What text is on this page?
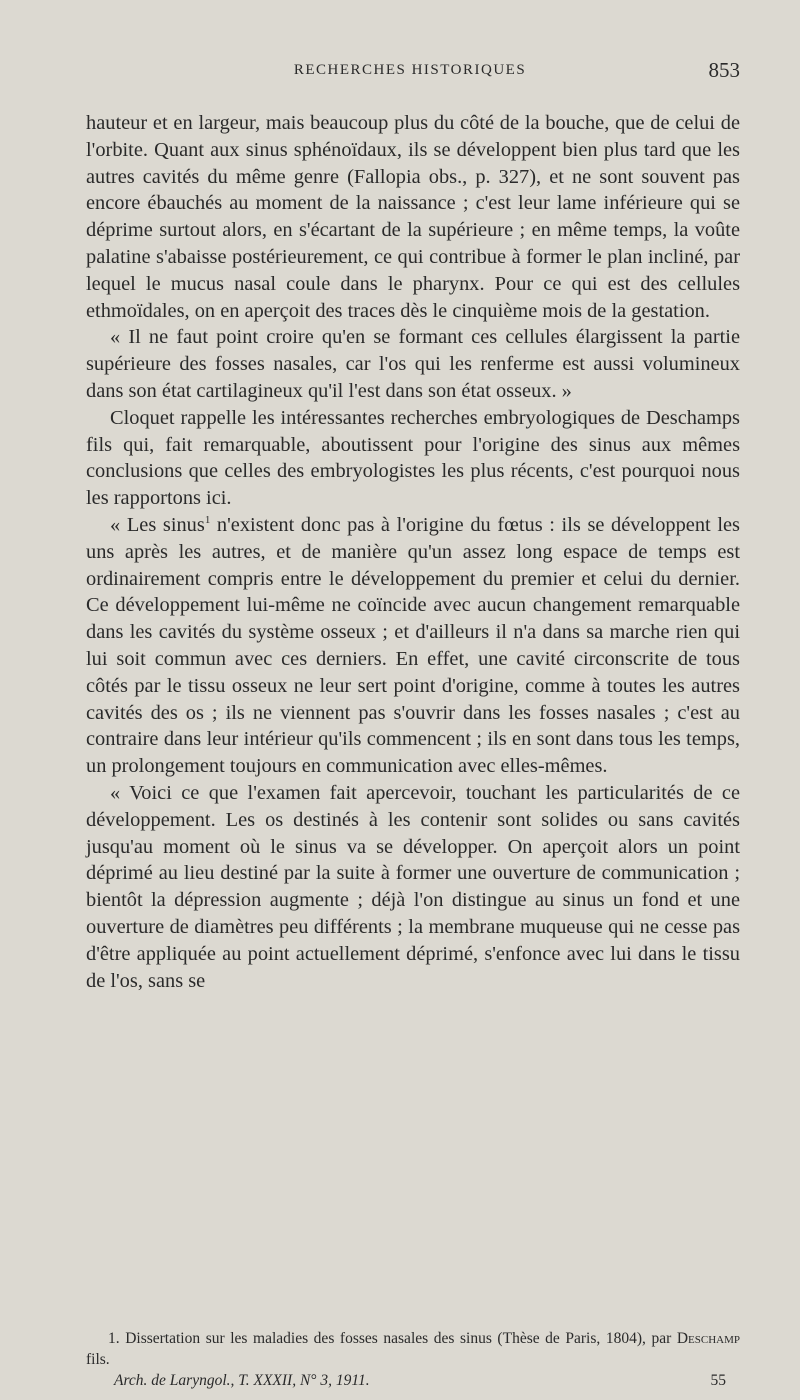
RECHERCHES HISTORIQUES	853

hauteur et en largeur, mais beaucoup plus du côté de la bouche, que de celui de l'orbite. Quant aux sinus sphénoïdaux, ils se développent bien plus tard que les autres cavités du même genre (Fallopia obs., p. 327), et ne sont souvent pas encore ébauchés au moment de la naissance ; c'est leur lame inférieure qui se déprime surtout alors, en s'écartant de la supérieure ; en même temps, la voûte palatine s'abaisse postérieurement, ce qui contribue à former le plan incliné, par lequel le mucus nasal coule dans le pharynx. Pour ce qui est des cellules ethmoïdales, on en aperçoit des traces dès le cinquième mois de la gestation.

« Il ne faut point croire qu'en se formant ces cellules élargissent la partie supérieure des fosses nasales, car l'os qui les renferme est aussi volumineux dans son état cartilagineux qu'il l'est dans son état osseux. »

Cloquet rappelle les intéressantes recherches embryologiques de Deschamps fils qui, fait remarquable, aboutissent pour l'origine des sinus aux mêmes conclusions que celles des embryologistes les plus récents, c'est pourquoi nous les rapportons ici.

« Les sinus$^1$ n'existent donc pas à l'origine du fœtus : ils se développent les uns après les autres, et de manière qu'un assez long espace de temps est ordinairement compris entre le développement du premier et celui du dernier. Ce développement lui-même ne coïncide avec aucun changement remarquable dans les cavités du système osseux ; et d'ailleurs il n'a dans sa marche rien qui lui soit commun avec ces derniers. En effet, une cavité circonscrite de tous côtés par le tissu osseux ne leur sert point d'origine, comme à toutes les autres cavités des os ; ils ne viennent pas s'ouvrir dans les fosses nasales ; c'est au contraire dans leur intérieur qu'ils commencent ; ils en sont dans tous les temps, un prolongement toujours en communication avec elles-mêmes.

« Voici ce que l'examen fait apercevoir, touchant les particularités de ce développement. Les os destinés à les contenir sont solides ou sans cavités jusqu'au moment où le sinus va se développer. On aperçoit alors un point déprimé au lieu destiné par la suite à former une ouverture de communication ; bientôt la dépression augmente ; déjà l'on distingue au sinus un fond et une ouverture de diamètres peu différents ; la membrane muqueuse qui ne cesse pas d'être appliquée au point actuellement déprimé, s'enfonce avec lui dans le tissu de l'os, sans se

1. Dissertation sur les maladies des fosses nasales des sinus (Thèse de Paris, 1804), par Deschamp fils.

Arch. de Laryngol., T. XXXII, N° 3, 1911.	55
